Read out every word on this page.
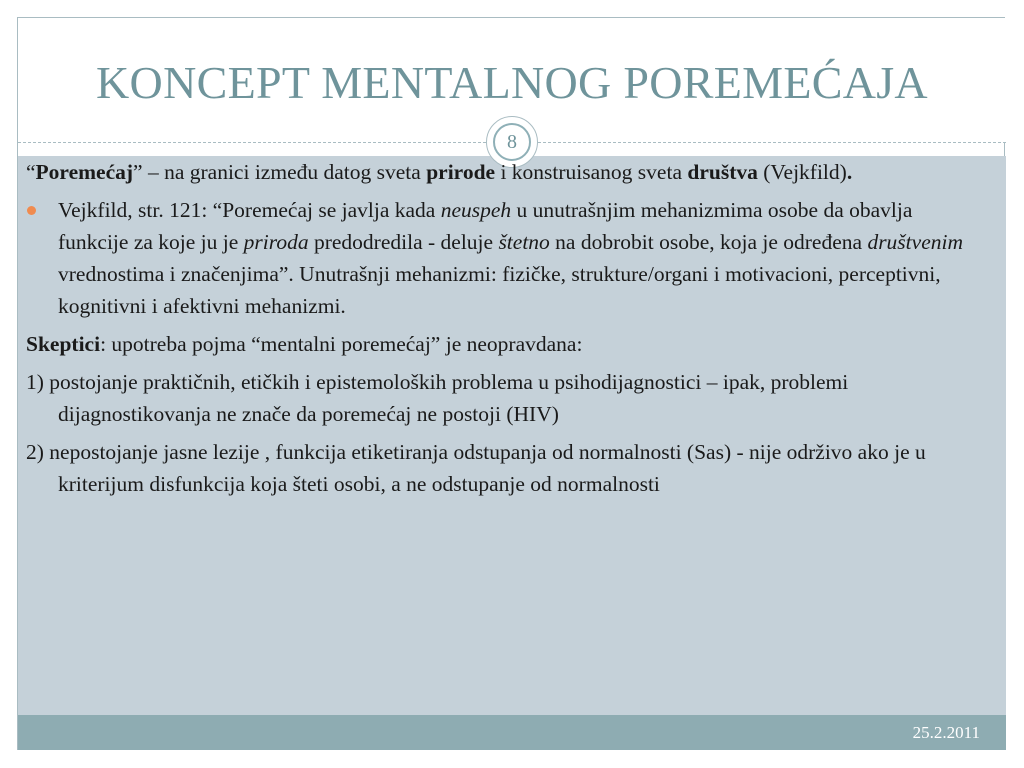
KONCEPT MENTALNOG POREMEĆAJA
8
25.2.2011

“Poremećaj” – na granici između datog sveta prirode i konstruisanog sveta društva (Vejkfild).

Vejkfild, str. 121: “Poremećaj se javlja kada neuspeh u unutrašnjim mehanizmima osobe da obavlja funkcije za koje ju je priroda predodredila - deluje štetno na dobrobit osobe, koja je određena društvenim vrednostima i značenjima”. Unutrašnji mehanizmi: fizičke, strukture/organi i motivacioni, perceptivni, kognitivni i afektivni mehanizmi.

Skeptici: upotreba pojma “mentalni poremećaj” je neopravdana:

1) postojanje praktičnih, etičkih i epistemoloških problema u psihodijagnostici – ipak, problemi dijagnostikovanja ne znače da poremećaj ne postoji (HIV)

2) nepostojanje jasne lezije , funkcija etiketiranja odstupanja od normalnosti (Sas) - nije održivo ako je u kriterijum disfunkcija koja šteti osobi, a ne odstupanje od normalnosti
